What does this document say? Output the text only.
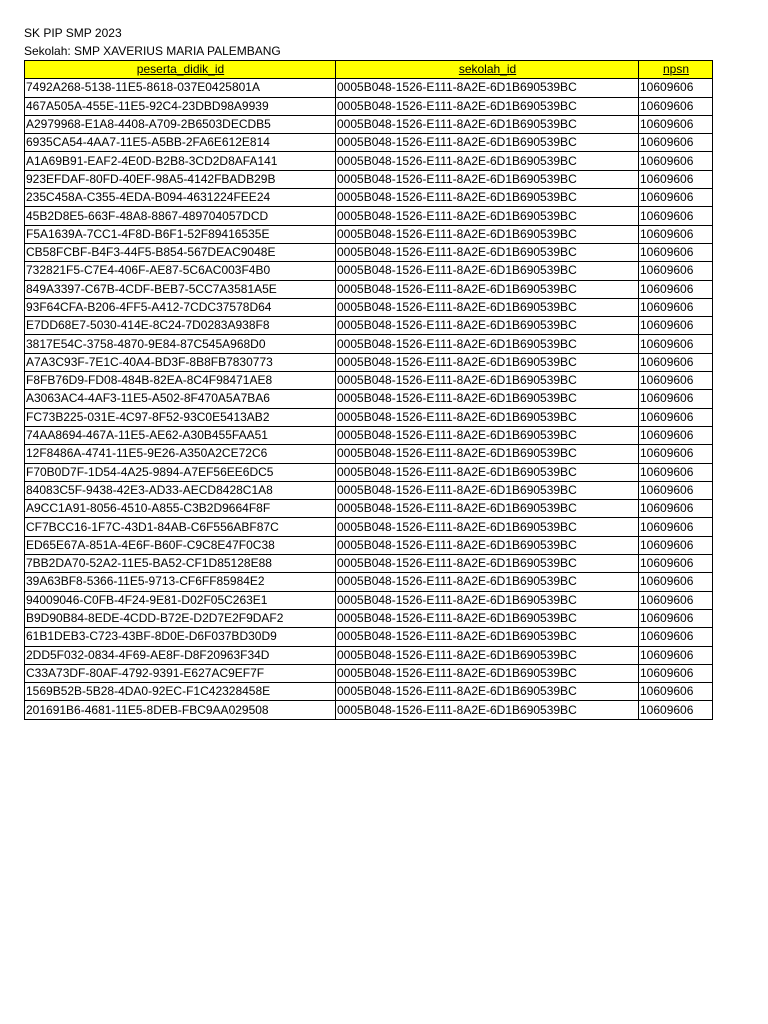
SK PIP SMP 2023
Sekolah: SMP XAVERIUS MARIA PALEMBANG
peserta_didik_id	sekolah_id	npsn
7492A268-5138-11E5-8618-037E0425801A	0005B048-1526-E111-8A2E-6D1B690539BC	10609606
467A505A-455E-11E5-92C4-23DBD98A9939	0005B048-1526-E111-8A2E-6D1B690539BC	10609606
A2979968-E1A8-4408-A709-2B6503DECDB5	0005B048-1526-E111-8A2E-6D1B690539BC	10609606
6935CA54-4AA7-11E5-A5BB-2FA6E612E814	0005B048-1526-E111-8A2E-6D1B690539BC	10609606
A1A69B91-EAF2-4E0D-B2B8-3CD2D8AFA141	0005B048-1526-E111-8A2E-6D1B690539BC	10609606
923EFDAF-80FD-40EF-98A5-4142FBADB29B	0005B048-1526-E111-8A2E-6D1B690539BC	10609606
235C458A-C355-4EDA-B094-4631224FEE24	0005B048-1526-E111-8A2E-6D1B690539BC	10609606
45B2D8E5-663F-48A8-8867-489704057DCD	0005B048-1526-E111-8A2E-6D1B690539BC	10609606
F5A1639A-7CC1-4F8D-B6F1-52F89416535E	0005B048-1526-E111-8A2E-6D1B690539BC	10609606
CB58FCBF-B4F3-44F5-B854-567DEAC9048E	0005B048-1526-E111-8A2E-6D1B690539BC	10609606
732821F5-C7E4-406F-AE87-5C6AC003F4B0	0005B048-1526-E111-8A2E-6D1B690539BC	10609606
849A3397-C67B-4CDF-BEB7-5CC7A3581A5E	0005B048-1526-E111-8A2E-6D1B690539BC	10609606
93F64CFA-B206-4FF5-A412-7CDC37578D64	0005B048-1526-E111-8A2E-6D1B690539BC	10609606
E7DD68E7-5030-414E-8C24-7D0283A938F8	0005B048-1526-E111-8A2E-6D1B690539BC	10609606
3817E54C-3758-4870-9E84-87C545A968D0	0005B048-1526-E111-8A2E-6D1B690539BC	10609606
A7A3C93F-7E1C-40A4-BD3F-8B8FB7830773	0005B048-1526-E111-8A2E-6D1B690539BC	10609606
F8FB76D9-FD08-484B-82EA-8C4F98471AE8	0005B048-1526-E111-8A2E-6D1B690539BC	10609606
A3063AC4-4AF3-11E5-A502-8F470A5A7BA6	0005B048-1526-E111-8A2E-6D1B690539BC	10609606
FC73B225-031E-4C97-8F52-93C0E5413AB2	0005B048-1526-E111-8A2E-6D1B690539BC	10609606
74AA8694-467A-11E5-AE62-A30B455FAA51	0005B048-1526-E111-8A2E-6D1B690539BC	10609606
12F8486A-4741-11E5-9E26-A350A2CE72C6	0005B048-1526-E111-8A2E-6D1B690539BC	10609606
F70B0D7F-1D54-4A25-9894-A7EF56EE6DC5	0005B048-1526-E111-8A2E-6D1B690539BC	10609606
84083C5F-9438-42E3-AD33-AECD8428C1A8	0005B048-1526-E111-8A2E-6D1B690539BC	10609606
A9CC1A91-8056-4510-A855-C3B2D9664F8F	0005B048-1526-E111-8A2E-6D1B690539BC	10609606
CF7BCC16-1F7C-43D1-84AB-C6F556ABF87C	0005B048-1526-E111-8A2E-6D1B690539BC	10609606
ED65E67A-851A-4E6F-B60F-C9C8E47F0C38	0005B048-1526-E111-8A2E-6D1B690539BC	10609606
7BB2DA70-52A2-11E5-BA52-CF1D85128E88	0005B048-1526-E111-8A2E-6D1B690539BC	10609606
39A63BF8-5366-11E5-9713-CF6FF85984E2	0005B048-1526-E111-8A2E-6D1B690539BC	10609606
94009046-C0FB-4F24-9E81-D02F05C263E1	0005B048-1526-E111-8A2E-6D1B690539BC	10609606
B9D90B84-8EDE-4CDD-B72E-D2D7E2F9DAF2	0005B048-1526-E111-8A2E-6D1B690539BC	10609606
61B1DEB3-C723-43BF-8D0E-D6F037BD30D9	0005B048-1526-E111-8A2E-6D1B690539BC	10609606
2DD5F032-0834-4F69-AE8F-D8F20963F34D	0005B048-1526-E111-8A2E-6D1B690539BC	10609606
C33A73DF-80AF-4792-9391-E627AC9EF7F	0005B048-1526-E111-8A2E-6D1B690539BC	10609606
1569B52B-5B28-4DA0-92EC-F1C42328458E	0005B048-1526-E111-8A2E-6D1B690539BC	10609606
201691B6-4681-11E5-8DEB-FBC9AA029508	0005B048-1526-E111-8A2E-6D1B690539BC	10609606
